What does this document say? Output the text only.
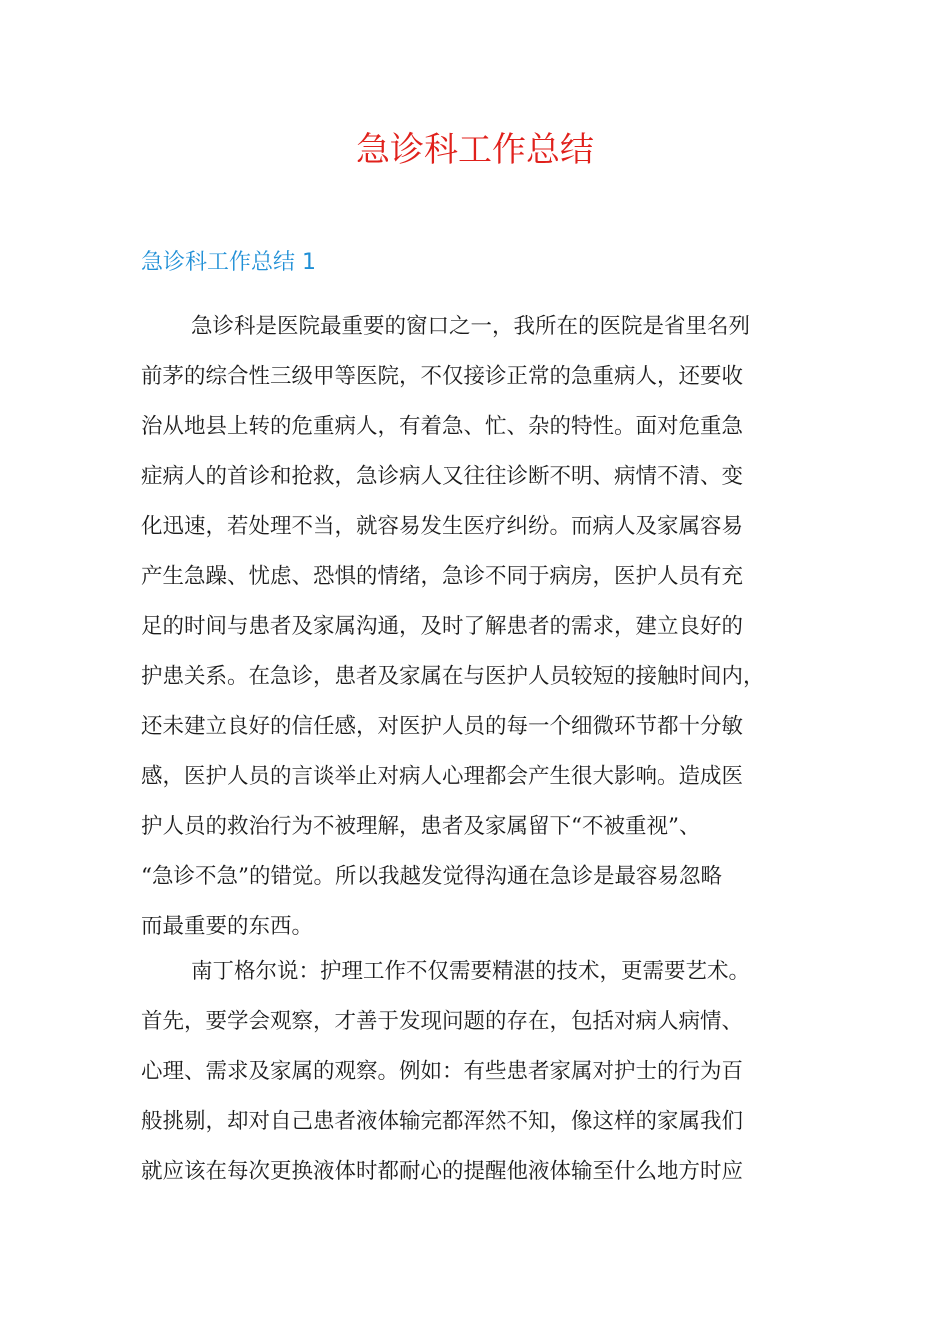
急诊科工作总结
急诊科工作总结 1
急诊科是医院最重要的窗口之一，我所在的医院是省里名列
前茅的综合性三级甲等医院，不仅接诊正常的急重病人，还要收
治从地县上转的危重病人，有着急、忙、杂的特性。面对危重急
症病人的首诊和抢救，急诊病人又往往诊断不明、病情不清、变
化迅速，若处理不当，就容易发生医疗纠纷。而病人及家属容易
产生急躁、忧虑、恐惧的情绪，急诊不同于病房，医护人员有充
足的时间与患者及家属沟通，及时了解患者的需求，建立良好的
护患关系。在急诊，患者及家属在与医护人员较短的接触时间内，
还未建立良好的信任感，对医护人员的每一个细微环节都十分敏
感，医护人员的言谈举止对病人心理都会产生很大影响。造成医
护人员的救治行为不被理解，患者及家属留下“不被重视”、
“急诊不急”的错觉。所以我越发觉得沟通在急诊是最容易忽略
而最重要的东西。
南丁格尔说：护理工作不仅需要精湛的技术，更需要艺术。
首先，要学会观察，才善于发现问题的存在，包括对病人病情、
心理、需求及家属的观察。例如：有些患者家属对护士的行为百
般挑剔，却对自己患者液体输完都浑然不知，像这样的家属我们
就应该在每次更换液体时都耐心的提醒他液体输至什么地方时应
